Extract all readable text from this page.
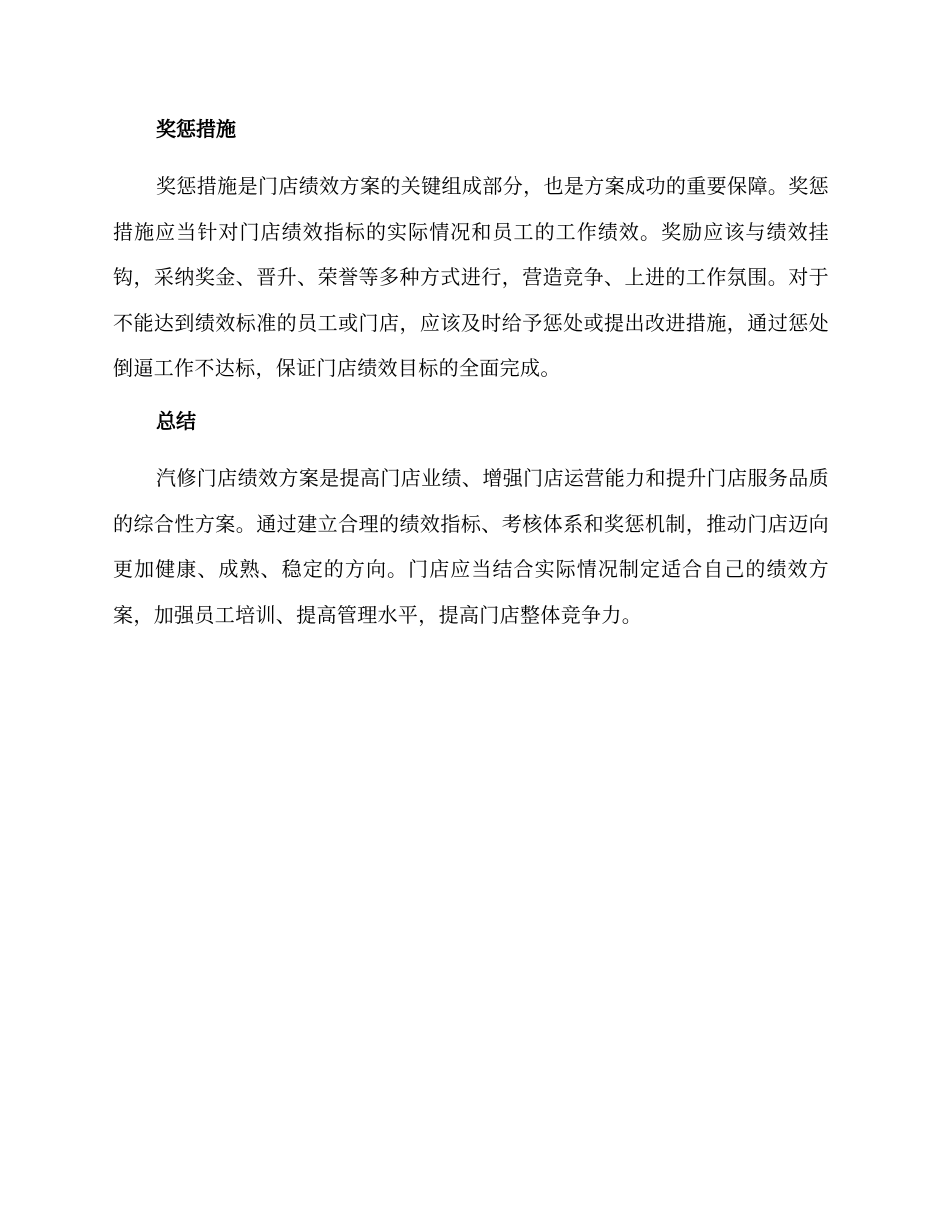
奖惩措施

奖惩措施是门店绩效方案的关键组成部分，也是方案成功的重要保障。奖惩措施应当针对门店绩效指标的实际情况和员工的工作绩效。奖励应该与绩效挂钩，采纳奖金、晋升、荣誉等多种方式进行，营造竞争、上进的工作氛围。对于不能达到绩效标准的员工或门店，应该及时给予惩处或提出改进措施，通过惩处倒逼工作不达标，保证门店绩效目标的全面完成。

总结

汽修门店绩效方案是提高门店业绩、增强门店运营能力和提升门店服务品质的综合性方案。通过建立合理的绩效指标、考核体系和奖惩机制，推动门店迈向更加健康、成熟、稳定的方向。门店应当结合实际情况制定适合自己的绩效方案，加强员工培训、提高管理水平，提高门店整体竞争力。
